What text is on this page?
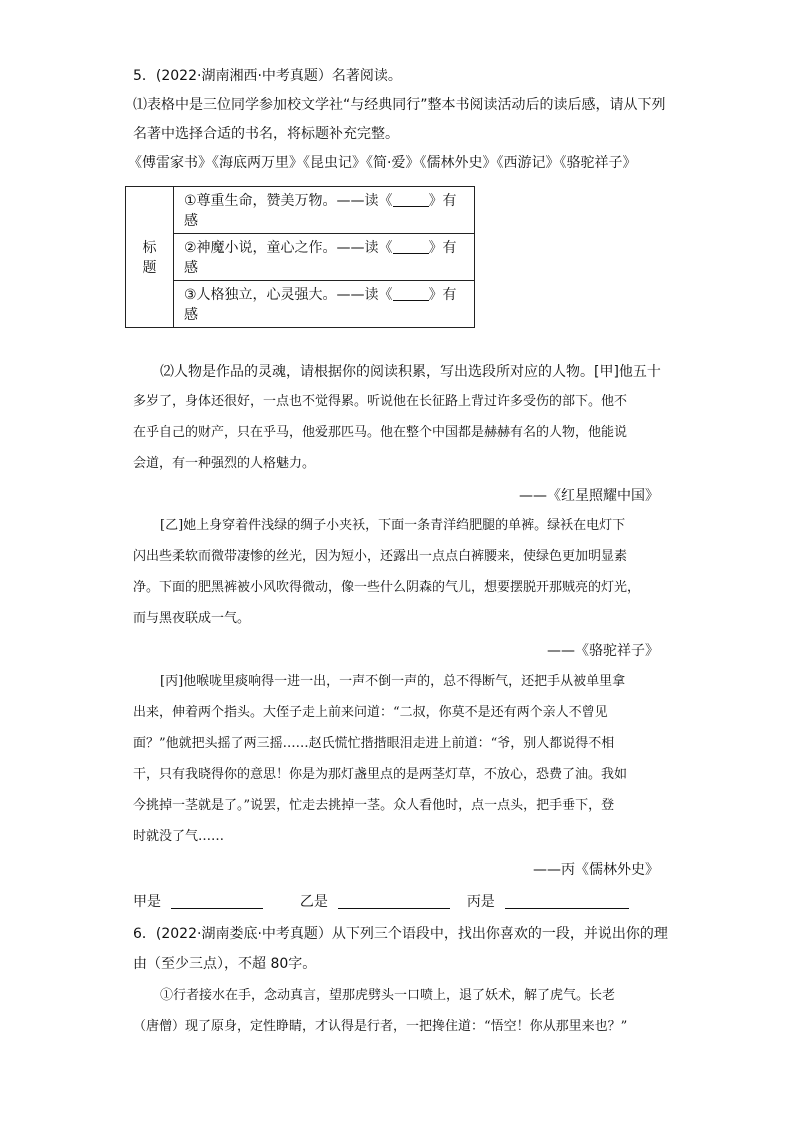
5．(2022·湖南湘西·中考真题）名著阅读。
⑴表格中是三位同学参加校文学社“与经典同行”整本书阅读活动后的读后感，请从下列
名著中选择合适的书名，将标题补充完整。
《傅雷家书》《海底两万里》《昆虫记》《简·爱》《儒林外史》《西游记》《骆驼祥子》
标题	①尊重生命，赞美万物。——读《	》有感
②神魔小说，童心之作。——读《	》有感
③人格独立，心灵强大。——读《	》有感
⑵人物是作品的灵魂，请根据你的阅读积累，写出选段所对应的人物。[甲]他五十
多岁了，身体还很好，一点也不觉得累。听说他在长征路上背过许多受伤的部下。他不
在乎自己的财产，只在乎马，他爱那匹马。他在整个中国都是赫赫有名的人物，他能说
会道，有一种强烈的人格魅力。
——《红星照耀中国》
[乙]她上身穿着件浅绿的绸子小夹袄，下面一条青洋绉肥腿的单裤。绿袄在电灯下
闪出些柔软而微带凄惨的丝光，因为短小，还露出一点点白裤腰来，使绿色更加明显素
净。下面的肥黑裤被小风吹得微动，像一些什么阴森的气儿，想要摆脱开那贼亮的灯光，
而与黑夜联成一气。
——《骆驼祥子》
[丙]他喉咙里痰响得一进一出，一声不倒一声的，总不得断气，还把手从被单里拿
出来，伸着两个指头。大侄子走上前来问道：“二叔，你莫不是还有两个亲人不曾见
面？”他就把头摇了两三摇……赵氏慌忙揩揩眼泪走进上前道：“爷，别人都说得不相
干，只有我晓得你的意思！你是为那灯盏里点的是两茎灯草，不放心，恐费了油。我如
今挑掉一茎就是了。”说罢，忙走去挑掉一茎。众人看他时，点一点头，把手垂下，登
时就没了气……
——丙《儒林外史》
甲是	乙是	丙是
6．(2022·湖南娄底·中考真题）从下列三个语段中，找出你喜欢的一段，并说出你的理
由（至少三点），不超 80字。
①行者接水在手，念动真言，望那虎劈头一口喷上，退了妖术，解了虎气。长老
（唐僧）现了原身，定性睁睛，才认得是行者，一把搀住道：“悟空！你从那里来也？”
